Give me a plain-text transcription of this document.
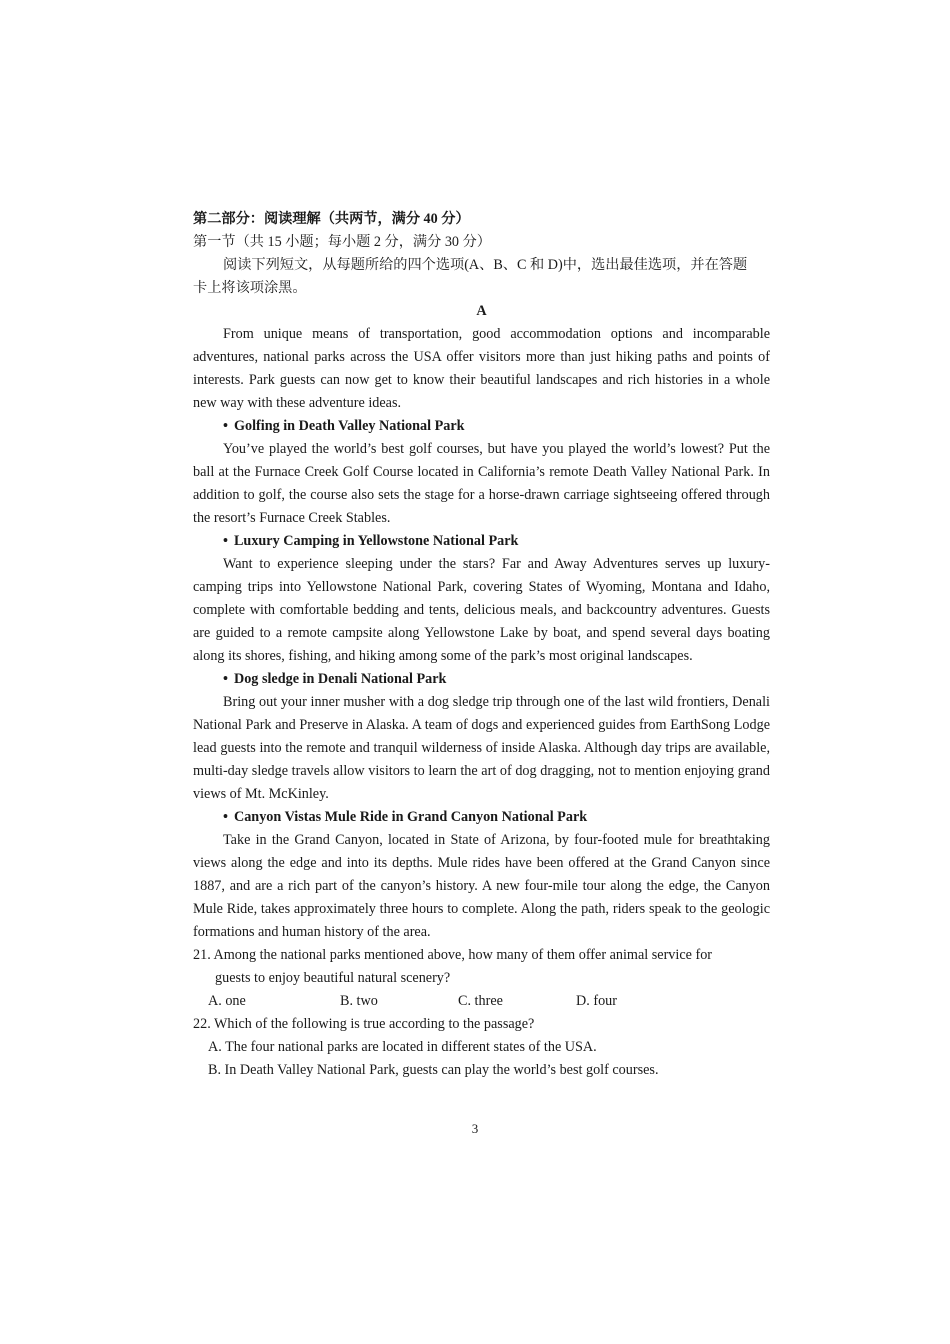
第二部分：阅读理解（共两节，满分 40 分）
第一节（共 15 小题；每小题 2 分，满分 30 分）
阅读下列短文，从每题所给的四个选项(A、B、C 和 D)中，选出最佳选项，并在答题
卡上将该项涂黑。
A
From unique means of transportation, good accommodation options and incomparable adventures, national parks across the USA offer visitors more than just hiking paths and points of interests. Park guests can now get to know their beautiful landscapes and rich histories in a whole new way with these adventure ideas.
• Golfing in Death Valley National Park
You’ve played the world’s best golf courses, but have you played the world’s lowest? Put the ball at the Furnace Creek Golf Course located in California’s remote Death Valley National Park. In addition to golf, the course also sets the stage for a horse-drawn carriage sightseeing offered through the resort’s Furnace Creek Stables.
• Luxury Camping in Yellowstone National Park
Want to experience sleeping under the stars? Far and Away Adventures serves up luxury-camping trips into Yellowstone National Park, covering States of Wyoming, Montana and Idaho, complete with comfortable bedding and tents, delicious meals, and backcountry adventures. Guests are guided to a remote campsite along Yellowstone Lake by boat, and spend several days boating along its shores, fishing, and hiking among some of the park’s most original landscapes.
• Dog sledge in Denali National Park
Bring out your inner musher with a dog sledge trip through one of the last wild frontiers, Denali National Park and Preserve in Alaska. A team of dogs and experienced guides from EarthSong Lodge lead guests into the remote and tranquil wilderness of inside Alaska. Although day trips are available, multi-day sledge travels allow visitors to learn the art of dog dragging, not to mention enjoying grand views of Mt. McKinley.
• Canyon Vistas Mule Ride in Grand Canyon National Park
Take in the Grand Canyon, located in State of Arizona, by four-footed mule for breathtaking views along the edge and into its depths. Mule rides have been offered at the Grand Canyon since 1887, and are a rich part of the canyon’s history. A new four-mile tour along the edge, the Canyon Mule Ride, takes approximately three hours to complete. Along the path, riders speak to the geologic formations and human history of the area.
21. Among the national parks mentioned above, how many of them offer animal service for
guests to enjoy beautiful natural scenery?
A. one	B. two	C. three	D. four
22. Which of the following is true according to the passage?
A. The four national parks are located in different states of the USA.
B. In Death Valley National Park, guests can play the world’s best golf courses.
3
